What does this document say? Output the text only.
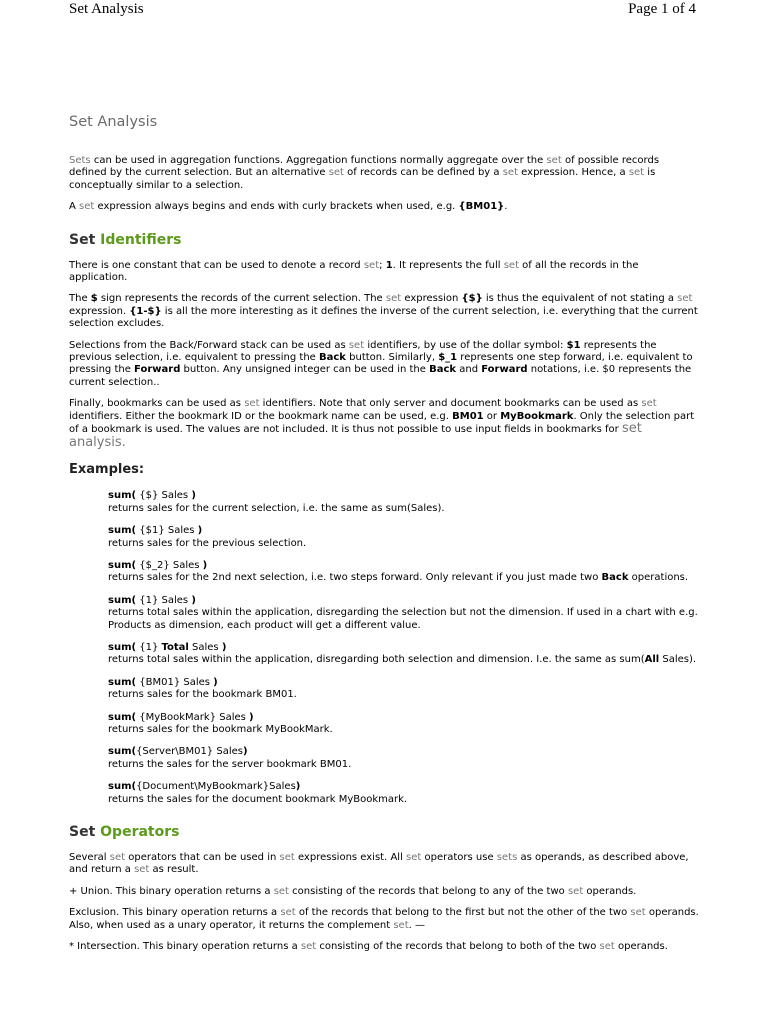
Set Analysis	Page 1 of 4
Set Analysis

Sets can be used in aggregation functions. Aggregation functions normally aggregate over the set of possible records defined by the current selection. But an alternative set of records can be defined by a set expression. Hence, a set is conceptually similar to a selection.

A set expression always begins and ends with curly brackets when used, e.g. {BM01}.

Set Identifiers

There is one constant that can be used to denote a record set; 1. It represents the full set of all the records in the application.

The $ sign represents the records of the current selection. The set expression {$} is thus the equivalent of not stating a set expression. {1-$} is all the more interesting as it defines the inverse of the current selection, i.e. everything that the current selection excludes.

Selections from the Back/Forward stack can be used as set identifiers, by use of the dollar symbol: $1 represents the previous selection, i.e. equivalent to pressing the Back button. Similarly, $_1 represents one step forward, i.e. equivalent to pressing the Forward button. Any unsigned integer can be used in the Back and Forward notations, i.e. $0 represents the current selection..

Finally, bookmarks can be used as set identifiers. Note that only server and document bookmarks can be used as set identifiers. Either the bookmark ID or the bookmark name can be used, e.g. BM01 or MyBookmark. Only the selection part of a bookmark is used. The values are not included. It is thus not possible to use input fields in bookmarks for set analysis.

Examples:
sum( {$} Sales )
returns sales for the current selection, i.e. the same as sum(Sales).
sum( {$1} Sales )
returns sales for the previous selection.
sum( {$_2} Sales )
returns sales for the 2nd next selection, i.e. two steps forward. Only relevant if you just made two Back operations.
sum( {1} Sales )
returns total sales within the application, disregarding the selection but not the dimension. If used in a chart with e.g. Products as dimension, each product will get a different value.
sum( {1} Total Sales )
returns total sales within the application, disregarding both selection and dimension. I.e. the same as sum(All Sales).
sum( {BM01} Sales )
returns sales for the bookmark BM01.
sum( {MyBookMark} Sales )
returns sales for the bookmark MyBookMark.
sum({Server\BM01} Sales)
returns the sales for the server bookmark BM01.
sum({Document\MyBookmark}Sales)
returns the sales for the document bookmark MyBookmark.
Set Operators

Several set operators that can be used in set expressions exist. All set operators use sets as operands, as described above, and return a set as result.

+ Union. This binary operation returns a set consisting of the records that belong to any of the two set operands.

Exclusion. This binary operation returns a set of the records that belong to the first but not the other of the two set operands. Also, when used as a unary operator, it returns the complement set. —

* Intersection. This binary operation returns a set consisting of the records that belong to both of the two set operands.
